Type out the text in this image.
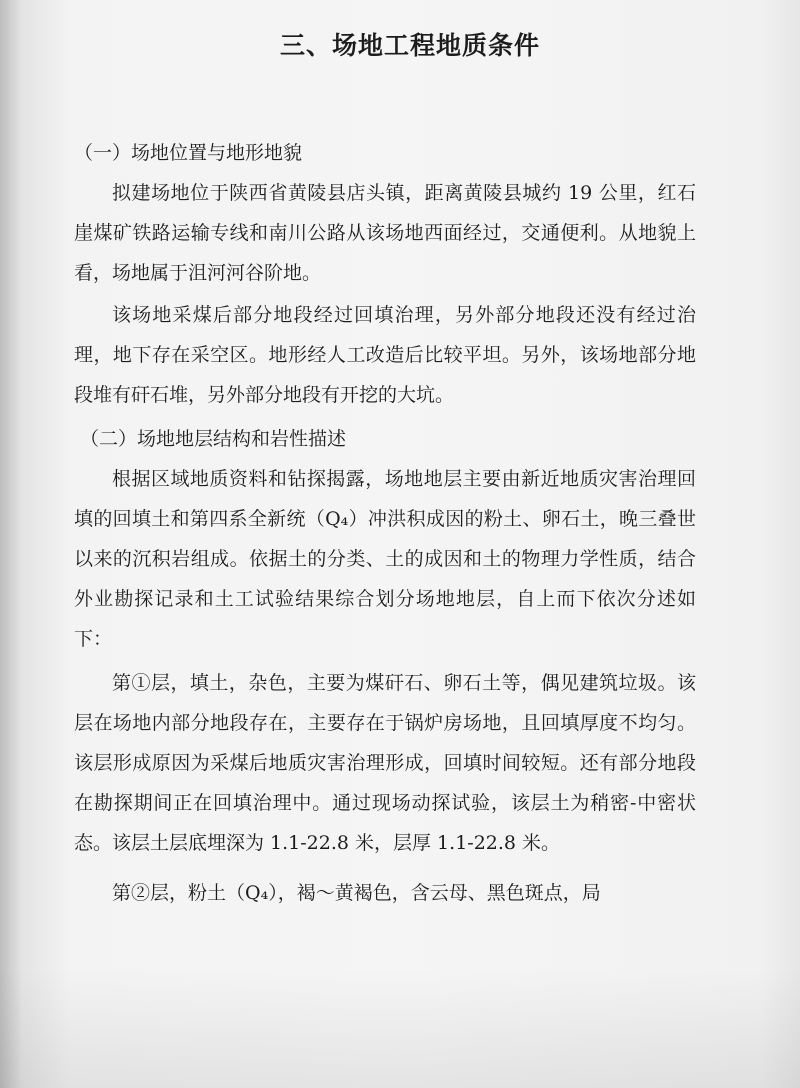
三、场地工程地质条件

（一）场地位置与地形地貌

拟建场地位于陕西省黄陵县店头镇，距离黄陵县城约 19 公里，红石崖煤矿铁路运输专线和南川公路从该场地西面经过，交通便利。从地貌上看，场地属于沮河河谷阶地。

该场地采煤后部分地段经过回填治理，另外部分地段还没有经过治理，地下存在采空区。地形经人工改造后比较平坦。另外，该场地部分地段堆有矸石堆，另外部分地段有开挖的大坑。

（二）场地地层结构和岩性描述

根据区域地质资料和钻探揭露，场地地层主要由新近地质灾害治理回填的回填土和第四系全新统（Q₄）冲洪积成因的粉土、卵石土，晚三叠世以来的沉积岩组成。依据土的分类、土的成因和土的物理力学性质，结合外业勘探记录和土工试验结果综合划分场地地层，自上而下依次分述如下：

第①层，填土，杂色，主要为煤矸石、卵石土等，偶见建筑垃圾。该层在场地内部分地段存在，主要存在于锅炉房场地，且回填厚度不均匀。该层形成原因为采煤后地质灾害治理形成，回填时间较短。还有部分地段在勘探期间正在回填治理中。通过现场动探试验，该层土为稍密-中密状态。该层土层底埋深为 1.1-22.8 米，层厚 1.1-22.8 米。

第②层，粉土（Q₄），褐～黄褐色，含云母、黑色斑点，局
